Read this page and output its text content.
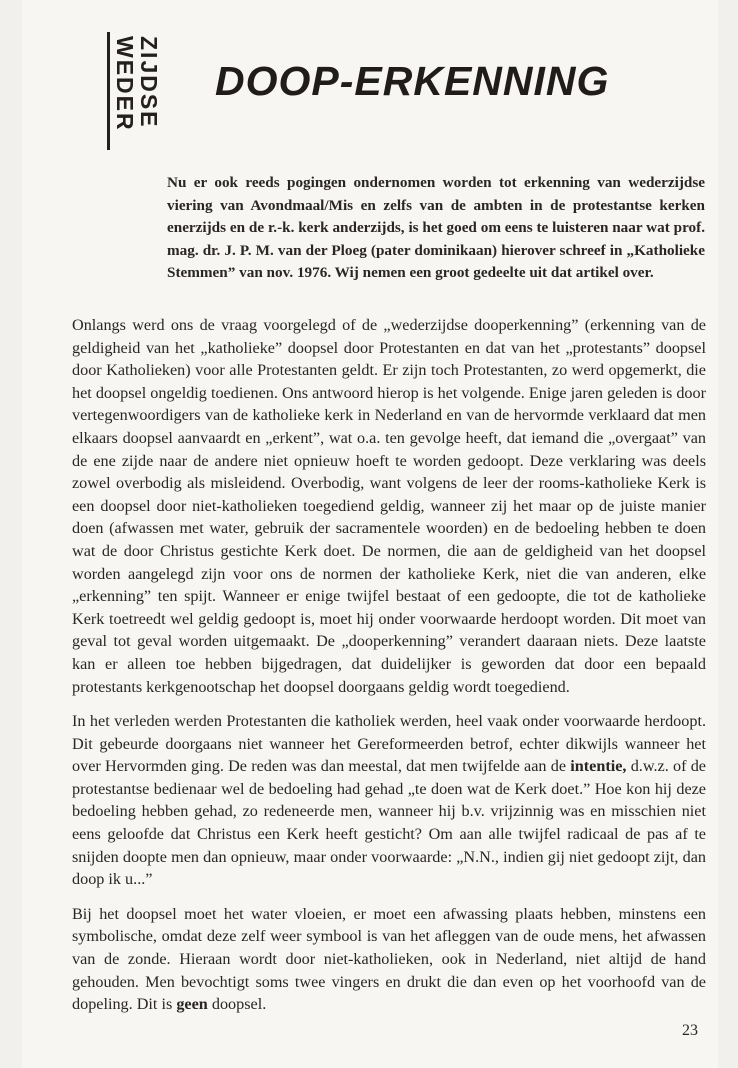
WEDER
ZIJDSE DOOP-ERKENNING

Nu er ook reeds pogingen ondernomen worden tot erkenning van wederzijdse viering van Avondmaal/Mis en zelfs van de ambten in de protestantse kerken enerzijds en de r.-k. kerk anderzijds, is het goed om eens te luisteren naar wat prof. mag. dr. J. P. M. van der Ploeg (pater dominikaan) hierover schreef in „Katholieke Stemmen” van nov. 1976. Wij nemen een groot gedeelte uit dat artikel over.

Onlangs werd ons de vraag voorgelegd of de „wederzijdse dooperkenning” (erkenning van de geldigheid van het „katholieke” doopsel door Protestanten en dat van het „protestants” doopsel door Katholieken) voor alle Protestanten geldt. Er zijn toch Protestanten, zo werd opgemerkt, die het doopsel ongeldig toedienen. Ons antwoord hierop is het volgende. Enige jaren geleden is door vertegenwoordigers van de katholieke kerk in Nederland en van de hervormde verklaard dat men elkaars doopsel aanvaardt en „erkent”, wat o.a. ten gevolge heeft, dat iemand die „overgaat” van de ene zijde naar de andere niet opnieuw hoeft te worden gedoopt. Deze verklaring was deels zowel overbodig als misleidend. Overbodig, want volgens de leer der rooms-katholieke Kerk is een doopsel door niet-katholieken toegediend geldig, wanneer zij het maar op de juiste manier doen (afwassen met water, gebruik der sacramentele woorden) en de bedoeling hebben te doen wat de door Christus gestichte Kerk doet. De normen, die aan de geldigheid van het doopsel worden aangelegd zijn voor ons de normen der katholieke Kerk, niet die van anderen, elke „erkenning” ten spijt. Wanneer er enige twijfel bestaat of een gedoopte, die tot de katholieke Kerk toetreedt wel geldig gedoopt is, moet hij onder voorwaarde herdoopt worden. Dit moet van geval tot geval worden uitgemaakt. De „dooperkenning” verandert daaraan niets. Deze laatste kan er alleen toe hebben bijgedragen, dat duidelijker is geworden dat door een bepaald protestants kerkgenootschap het doopsel doorgaans geldig wordt toegediend.

In het verleden werden Protestanten die katholiek werden, heel vaak onder voorwaarde herdoopt. Dit gebeurde doorgaans niet wanneer het Gereformeerden betrof, echter dikwijls wanneer het over Hervormden ging. De reden was dan meestal, dat men twijfelde aan de intentie, d.w.z. of de protestantse bedienaar wel de bedoeling had gehad „te doen wat de Kerk doet.” Hoe kon hij deze bedoeling hebben gehad, zo redeneerde men, wanneer hij b.v. vrijzinnig was en misschien niet eens geloofde dat Christus een Kerk heeft gesticht? Om aan alle twijfel radicaal de pas af te snijden doopte men dan opnieuw, maar onder voorwaarde: „N.N., indien gij niet gedoopt zijt, dan doop ik u...”

Bij het doopsel moet het water vloeien, er moet een afwassing plaats hebben, minstens een symbolische, omdat deze zelf weer symbool is van het afleggen van de oude mens, het afwassen van de zonde. Hieraan wordt door niet-katholieken, ook in Nederland, niet altijd de hand gehouden. Men bevochtigt soms twee vingers en drukt die dan even op het voorhoofd van de dopeling. Dit is geen doopsel.

23
